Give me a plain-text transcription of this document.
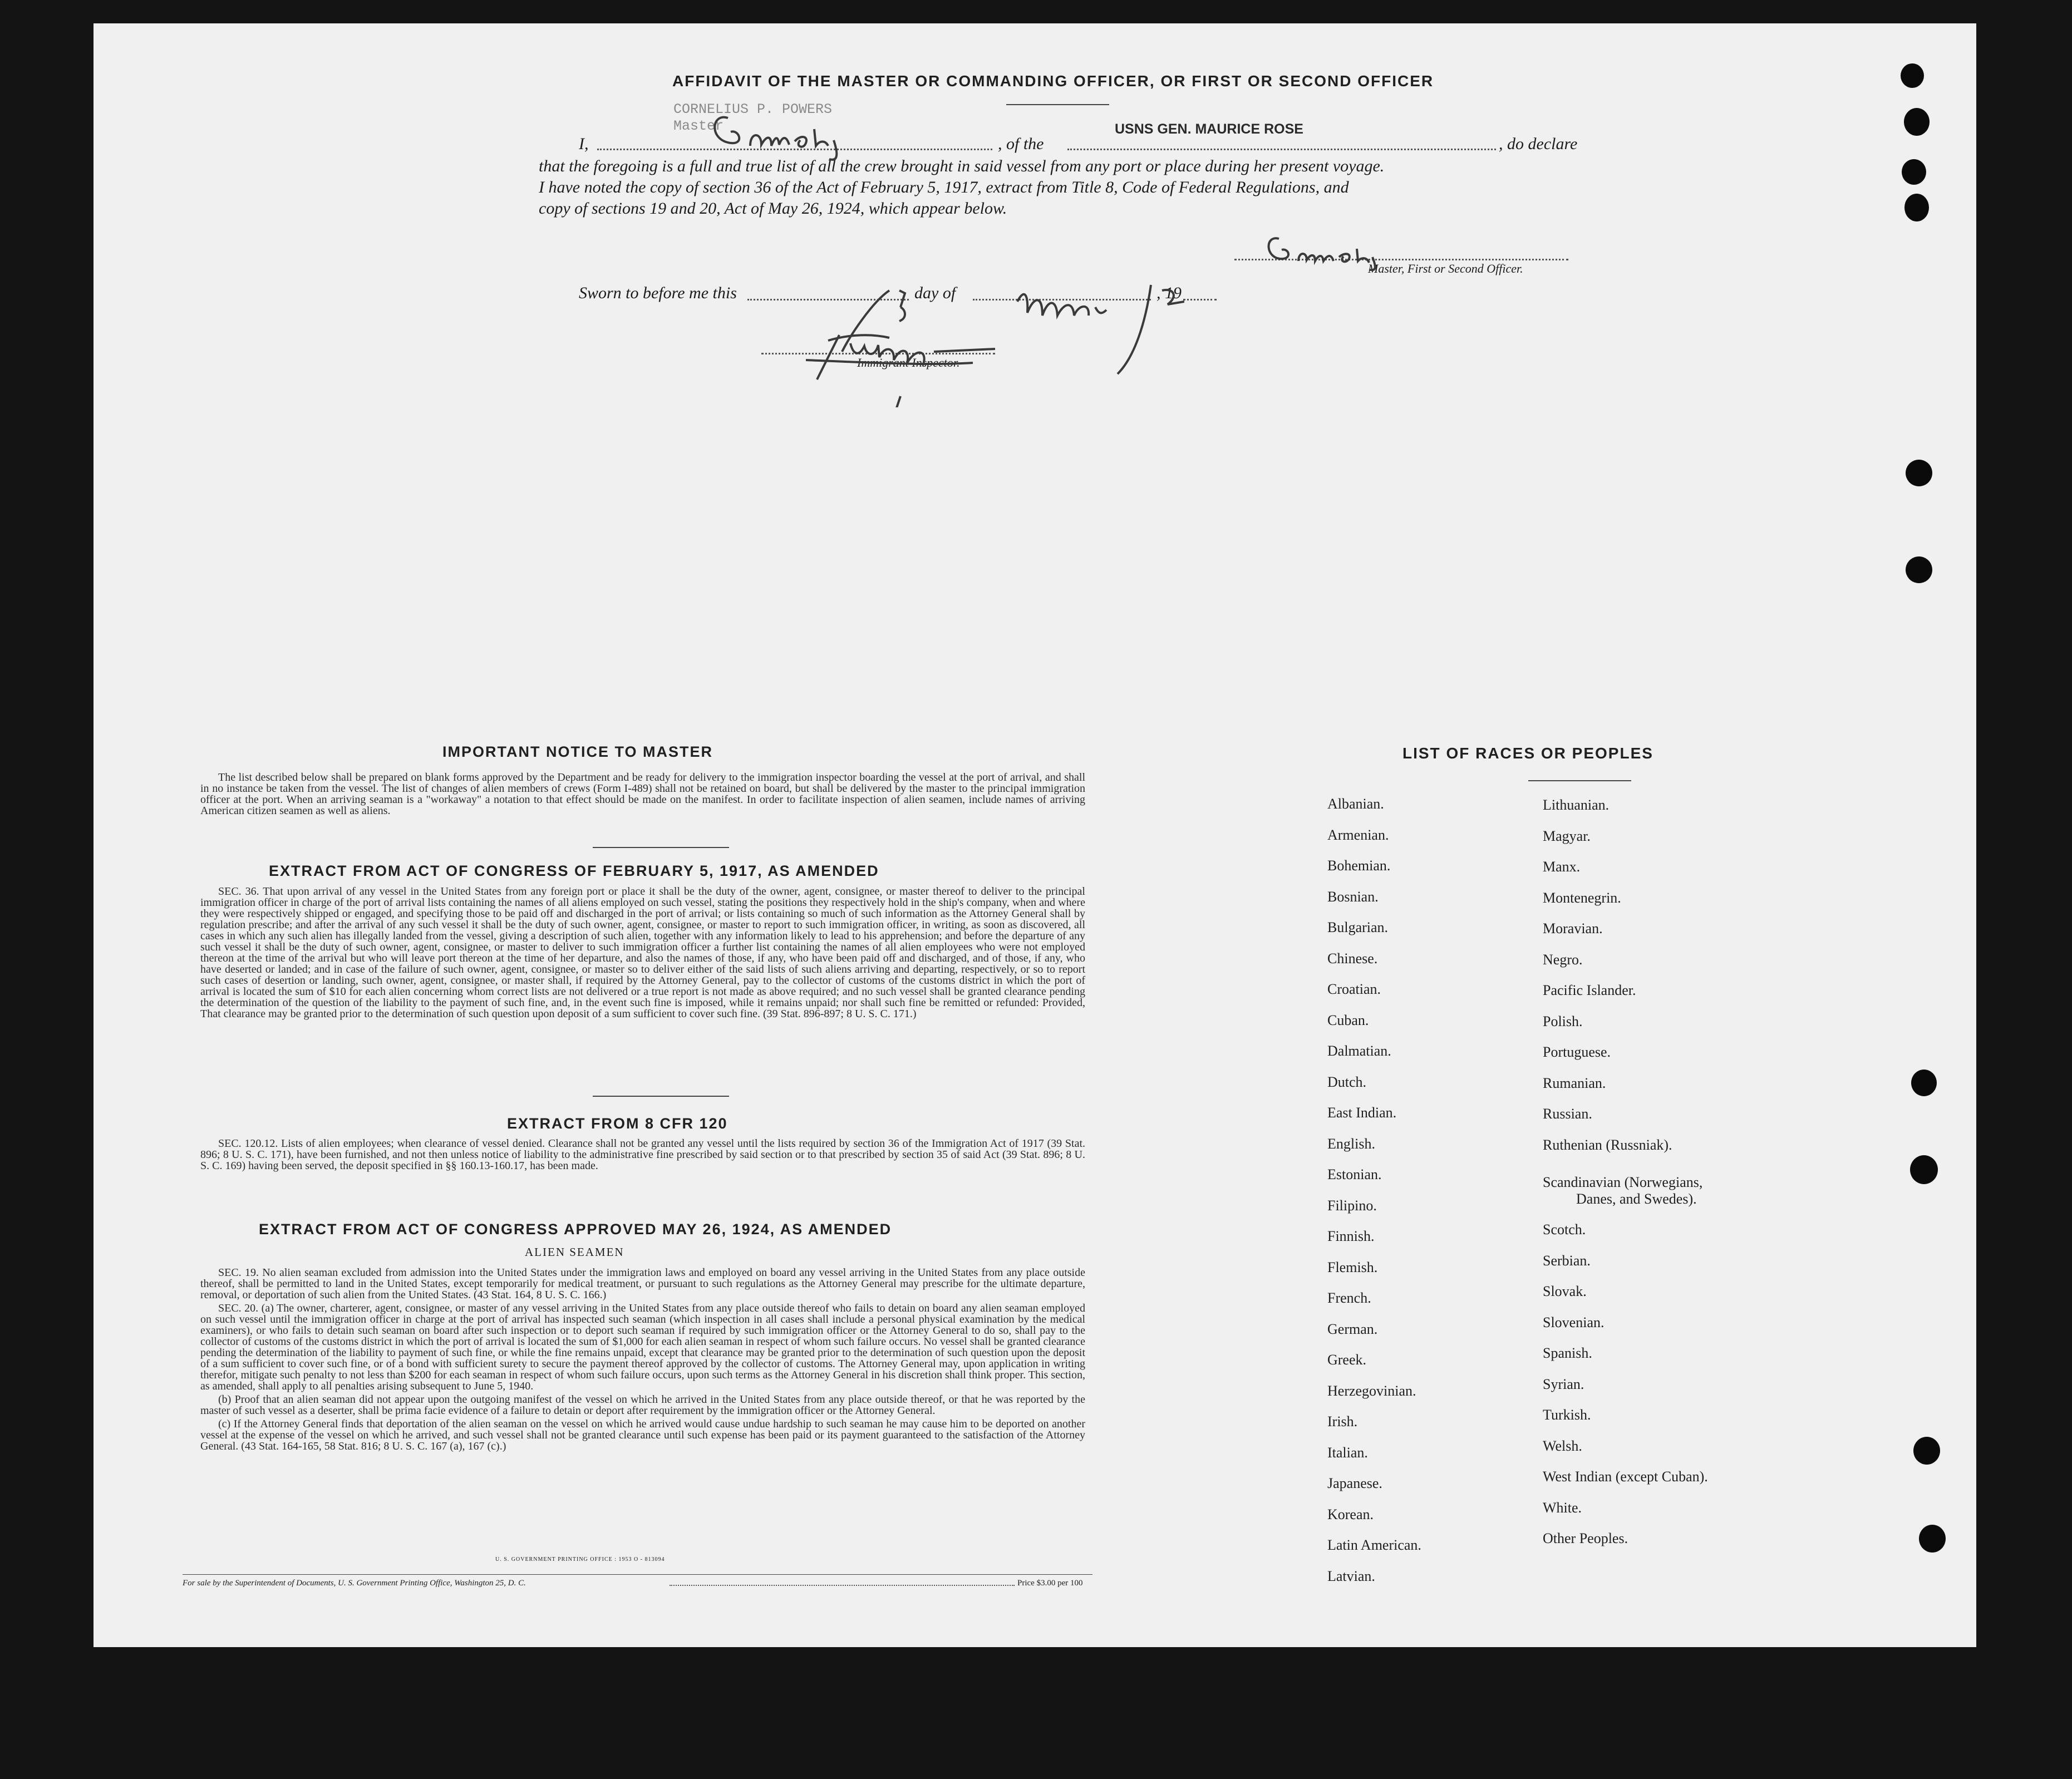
AFFIDAVIT OF THE MASTER OR COMMANDING OFFICER, OR FIRST OR SECOND OFFICER
CORNELIUS P. POWERS
Master
I,	, of the
USNS GEN. MAURICE ROSE
, do declare
that the foregoing is a full and true list of all the crew brought in said vessel from any port or place during her present voyage.
I have noted the copy of section 36 of the Act of February 5, 1917, extract from Title 8, Code of Federal Regulations, and
copy of sections 19 and 20, Act of May 26, 1924, which appear below.
Master, First or Second Officer.
Sworn to before me this	day of	, 19
Immigrant Inspector.
IMPORTANT NOTICE TO MASTER

The list described below shall be prepared on blank forms approved by the Department and be ready for delivery to the immigration inspector boarding the vessel at the port of arrival, and shall in no instance be taken from the vessel. The list of changes of alien members of crews (Form I-489) shall not be retained on board, but shall be delivered by the master to the principal immigration officer at the port. When an arriving seaman is a "workaway" a notation to that effect should be made on the manifest. In order to facilitate inspection of alien seamen, include names of arriving American citizen seamen as well as aliens.

EXTRACT FROM ACT OF CONGRESS OF FEBRUARY 5, 1917, AS AMENDED

SEC. 36. That upon arrival of any vessel in the United States from any foreign port or place it shall be the duty of the owner, agent, consignee, or master thereof to deliver to the principal immigration officer in charge of the port of arrival lists containing the names of all aliens employed on such vessel, stating the positions they respectively hold in the ship's company, when and where they were respectively shipped or engaged, and specifying those to be paid off and discharged in the port of arrival; or lists containing so much of such information as the Attorney General shall by regulation prescribe; and after the arrival of any such vessel it shall be the duty of such owner, agent, consignee, or master to report to such immigration officer, in writing, as soon as discovered, all cases in which any such alien has illegally landed from the vessel, giving a description of such alien, together with any information likely to lead to his apprehension; and before the departure of any such vessel it shall be the duty of such owner, agent, consignee, or master to deliver to such immigration officer a further list containing the names of all alien employees who were not employed thereon at the time of the arrival but who will leave port thereon at the time of her departure, and also the names of those, if any, who have been paid off and discharged, and of those, if any, who have deserted or landed; and in case of the failure of such owner, agent, consignee, or master so to deliver either of the said lists of such aliens arriving and departing, respectively, or so to report such cases of desertion or landing, such owner, agent, consignee, or master shall, if required by the Attorney General, pay to the collector of customs of the customs district in which the port of arrival is located the sum of $10 for each alien concerning whom correct lists are not delivered or a true report is not made as above required; and no such vessel shall be granted clearance pending the determination of the question of the liability to the payment of such fine, and, in the event such fine is imposed, while it remains unpaid; nor shall such fine be remitted or refunded: Provided, That clearance may be granted prior to the determination of such question upon deposit of a sum sufficient to cover such fine. (39 Stat. 896-897; 8 U. S. C. 171.)

EXTRACT FROM 8 CFR 120

SEC. 120.12. Lists of alien employees; when clearance of vessel denied. Clearance shall not be granted any vessel until the lists required by section 36 of the Immigration Act of 1917 (39 Stat. 896; 8 U. S. C. 171), have been furnished, and not then unless notice of liability to the administrative fine prescribed by said section or to that prescribed by section 35 of said Act (39 Stat. 896; 8 U. S. C. 169) having been served, the deposit specified in §§ 160.13-160.17, has been made.

EXTRACT FROM ACT OF CONGRESS APPROVED MAY 26, 1924, AS AMENDED
ALIEN SEAMEN

SEC. 19. No alien seaman excluded from admission into the United States under the immigration laws and employed on board any vessel arriving in the United States from any place outside thereof, shall be permitted to land in the United States, except temporarily for medical treatment, or pursuant to such regulations as the Attorney General may prescribe for the ultimate departure, removal, or deportation of such alien from the United States. (43 Stat. 164, 8 U. S. C. 166.)

SEC. 20. (a) The owner, charterer, agent, consignee, or master of any vessel arriving in the United States from any place outside thereof who fails to detain on board any alien seaman employed on such vessel until the immigration officer in charge at the port of arrival has inspected such seaman (which inspection in all cases shall include a personal physical examination by the medical examiners), or who fails to detain such seaman on board after such inspection or to deport such seaman if required by such immigration officer or the Attorney General to do so, shall pay to the collector of customs of the customs district in which the port of arrival is located the sum of $1,000 for each alien seaman in respect of whom such failure occurs. No vessel shall be granted clearance pending the determination of the liability to payment of such fine, or while the fine remains unpaid, except that clearance may be granted prior to the determination of such question upon the deposit of a sum sufficient to cover such fine, or of a bond with sufficient surety to secure the payment thereof approved by the collector of customs. The Attorney General may, upon application in writing therefor, mitigate such penalty to not less than $200 for each seaman in respect of whom such failure occurs, upon such terms as the Attorney General in his discretion shall think proper. This section, as amended, shall apply to all penalties arising subsequent to June 5, 1940.

(b) Proof that an alien seaman did not appear upon the outgoing manifest of the vessel on which he arrived in the United States from any place outside thereof, or that he was reported by the master of such vessel as a deserter, shall be prima facie evidence of a failure to detain or deport after requirement by the immigration officer or the Attorney General.

(c) If the Attorney General finds that deportation of the alien seaman on the vessel on which he arrived would cause undue hardship to such seaman he may cause him to be deported on another vessel at the expense of the vessel on which he arrived, and such vessel shall not be granted clearance until such expense has been paid or its payment guaranteed to the satisfaction of the Attorney General. (43 Stat. 164-165, 58 Stat. 816; 8 U. S. C. 167 (a), 167 (c).)

U. S. GOVERNMENT PRINTING OFFICE : 1953 O - 813094
For sale by the Superintendent of Documents, U. S. Government Printing Office, Washington 25, D. C.	Price $3.00 per 100
LIST OF RACES OR PEOPLES
Albanian.
Armenian.
Bohemian.
Bosnian.
Bulgarian.
Chinese.
Croatian.
Cuban.
Dalmatian.
Dutch.
East Indian.
English.
Estonian.
Filipino.
Finnish.
Flemish.
French.
German.
Greek.
Herzegovinian.
Irish.
Italian.
Japanese.
Korean.
Latin American.
Latvian.
Lithuanian.
Magyar.
Manx.
Montenegrin.
Moravian.
Negro.
Pacific Islander.
Polish.
Portuguese.
Rumanian.
Russian.
Ruthenian (Russniak).
Scandinavian (Norwegians,
Danes, and Swedes).
Scotch.
Serbian.
Slovak.
Slovenian.
Spanish.
Syrian.
Turkish.
Welsh.
West Indian (except Cuban).
White.
Other Peoples.
